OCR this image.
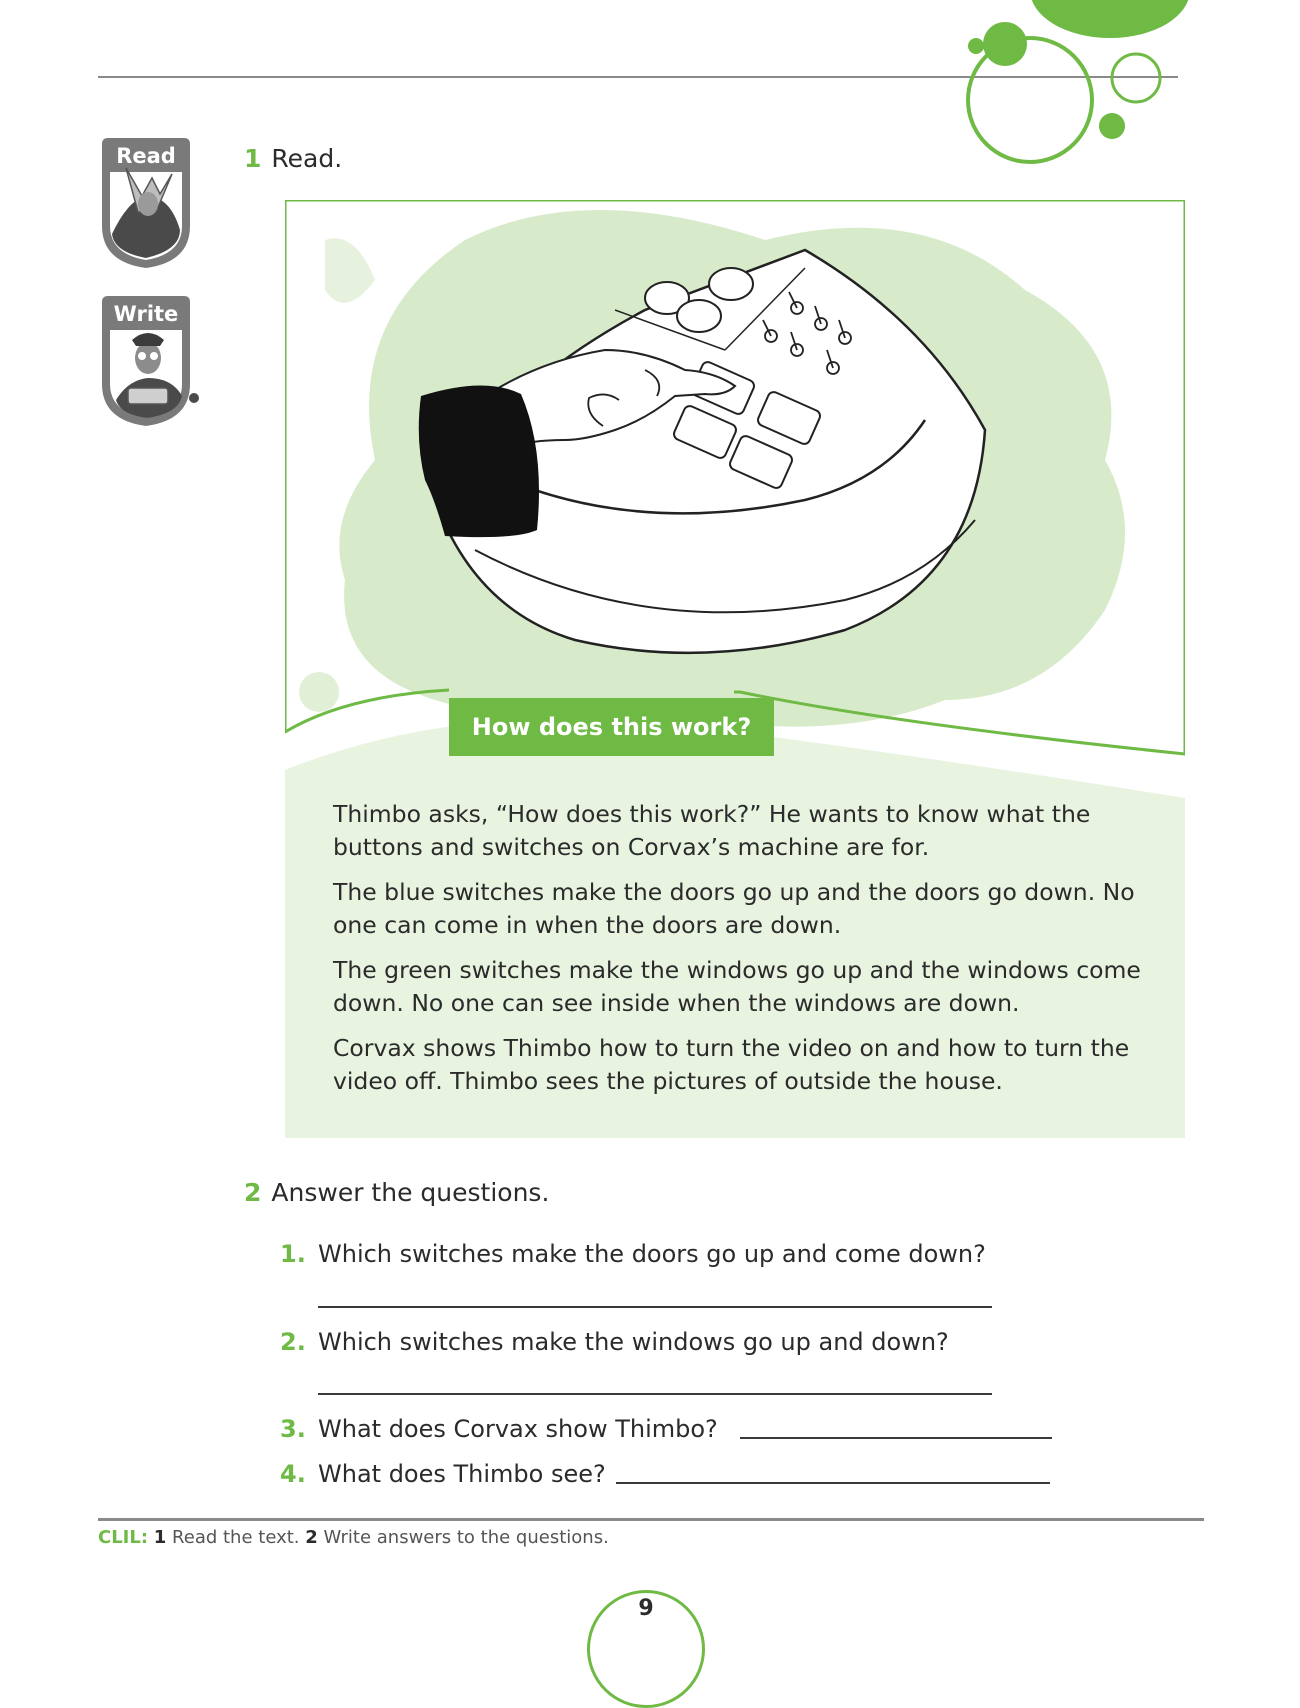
Read
Write
1 Read.
How does this work?

Thimbo asks, “How does this work?” He wants to know what the buttons and switches on Corvax’s machine are for.

The blue switches make the doors go up and the doors go down. No one can come in when the doors are down.

The green switches make the windows go up and the windows come down. No one can see inside when the windows are down.

Corvax shows Thimbo how to turn the video on and how to turn the video off. Thimbo sees the pictures of outside the house.

2 Answer the questions.
1. Which switches make the doors go up and come down?
2. Which switches make the windows go up and down?
3. What does Corvax show Thimbo?
4. What does Thimbo see?
CLIL: 1 Read the text. 2 Write answers to the questions.
9
